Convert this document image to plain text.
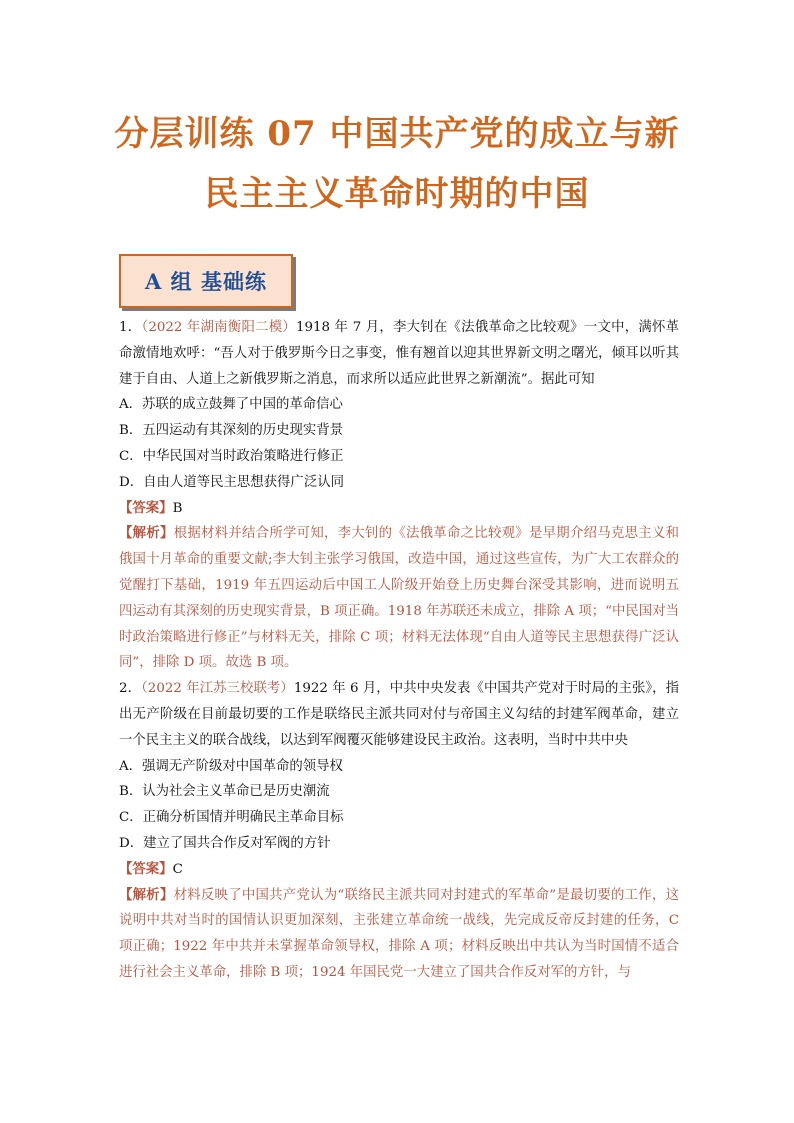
分层训练 07 中国共产党的成立与新
民主主义革命时期的中国
A 组 基础练

1．（2022 年湖南衡阳二模）1918 年 7 月，李大钊在《法俄革命之比较观》一文中，满怀革命激情地欢呼：“吾人对于俄罗斯今日之事变，惟有翘首以迎其世界新文明之曙光，倾耳以听其建于自由、人道上之新俄罗斯之消息，而求所以适应此世界之新潮流”。据此可知

A．苏联的成立鼓舞了中国的革命信心

B．五四运动有其深刻的历史现实背景

C．中华民国对当时政治策略进行修正

D．自由人道等民主思想获得广泛认同

【答案】B

【解析】根据材料并结合所学可知，李大钊的《法俄革命之比较观》是早期介绍马克思主义和俄国十月革命的重要文献;李大钊主张学习俄国，改造中国，通过这些宣传，为广大工农群众的觉醒打下基础，1919 年五四运动后中国工人阶级开始登上历史舞台深受其影响，进而说明五四运动有其深刻的历史现实背景，B 项正确。1918 年苏联还未成立，排除 A 项；“中民国对当时政治策略进行修正”与材料无关，排除 C 项；材料无法体现“自由人道等民主思想获得广泛认同”，排除 D 项。故选 B 项。

2．（2022 年江苏三校联考）1922 年 6 月，中共中央发表《中国共产党对于时局的主张》，指出无产阶级在目前最切要的工作是联络民主派共同对付与帝国主义勾结的封建军阀革命，建立一个民主主义的联合战线，以达到军阀覆灭能够建设民主政治。这表明，当时中共中央

A．强调无产阶级对中国革命的领导权

B．认为社会主义革命已是历史潮流

C．正确分析国情并明确民主革命目标

D．建立了国共合作反对军阀的方针

【答案】C

【解析】材料反映了中国共产党认为“联络民主派共同对封建式的军革命”是最切要的工作，这说明中共对当时的国情认识更加深刻，主张建立革命统一战线，先完成反帝反封建的任务，C 项正确；1922 年中共并未掌握革命领导权，排除 A 项；材料反映出中共认为当时国情不适合进行社会主义革命，排除 B 项；1924 年国民党一大建立了国共合作反对军的方针，与
